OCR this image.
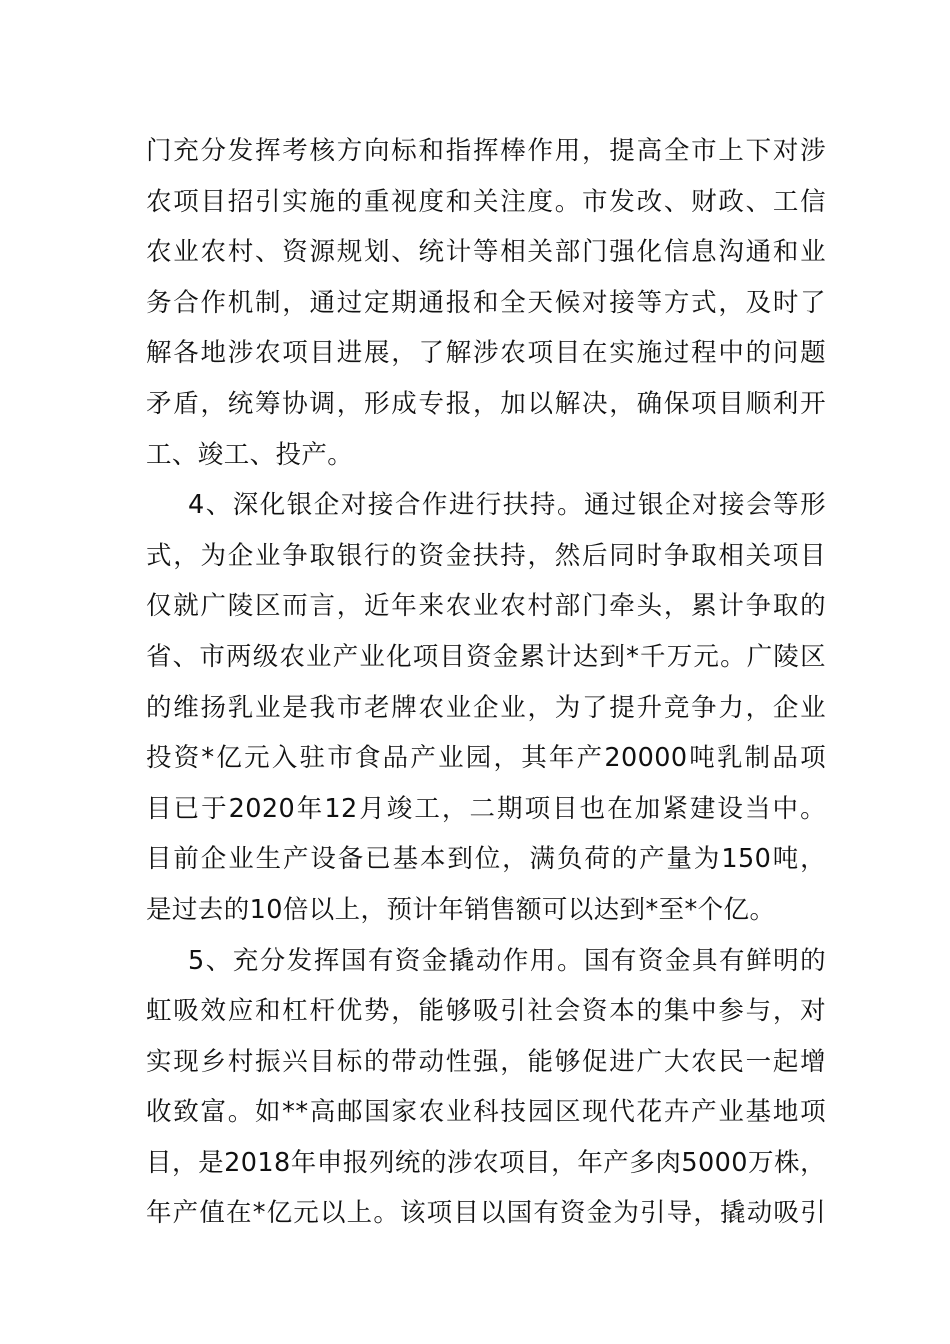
门充分发挥考核方向标和指挥棒作用，提高全市上下对涉
农项目招引实施的重视度和关注度。市发改、财政、工信
农业农村、资源规划、统计等相关部门强化信息沟通和业
务合作机制，通过定期通报和全天候对接等方式，及时了
解各地涉农项目进展，了解涉农项目在实施过程中的问题
矛盾，统筹协调，形成专报，加以解决，确保项目顺利开
工、竣工、投产。
4、深化银企对接合作进行扶持。通过银企对接会等形
式，为企业争取银行的资金扶持，然后同时争取相关项目
仅就广陵区而言，近年来农业农村部门牵头，累计争取的
省、市两级农业产业化项目资金累计达到*千万元。广陵区
的维扬乳业是我市老牌农业企业，为了提升竞争力，企业
投资*亿元入驻市食品产业园，其年产20000吨乳制品项
目已于2020年12月竣工，二期项目也在加紧建设当中。
目前企业生产设备已基本到位，满负荷的产量为150吨，
是过去的10倍以上，预计年销售额可以达到*至*个亿。
5、充分发挥国有资金撬动作用。国有资金具有鲜明的
虹吸效应和杠杆优势，能够吸引社会资本的集中参与，对
实现乡村振兴目标的带动性强，能够促进广大农民一起增
收致富。如**高邮国家农业科技园区现代花卉产业基地项
目，是2018年申报列统的涉农项目，年产多肉5000万株，
年产值在*亿元以上。该项目以国有资金为引导，撬动吸引
